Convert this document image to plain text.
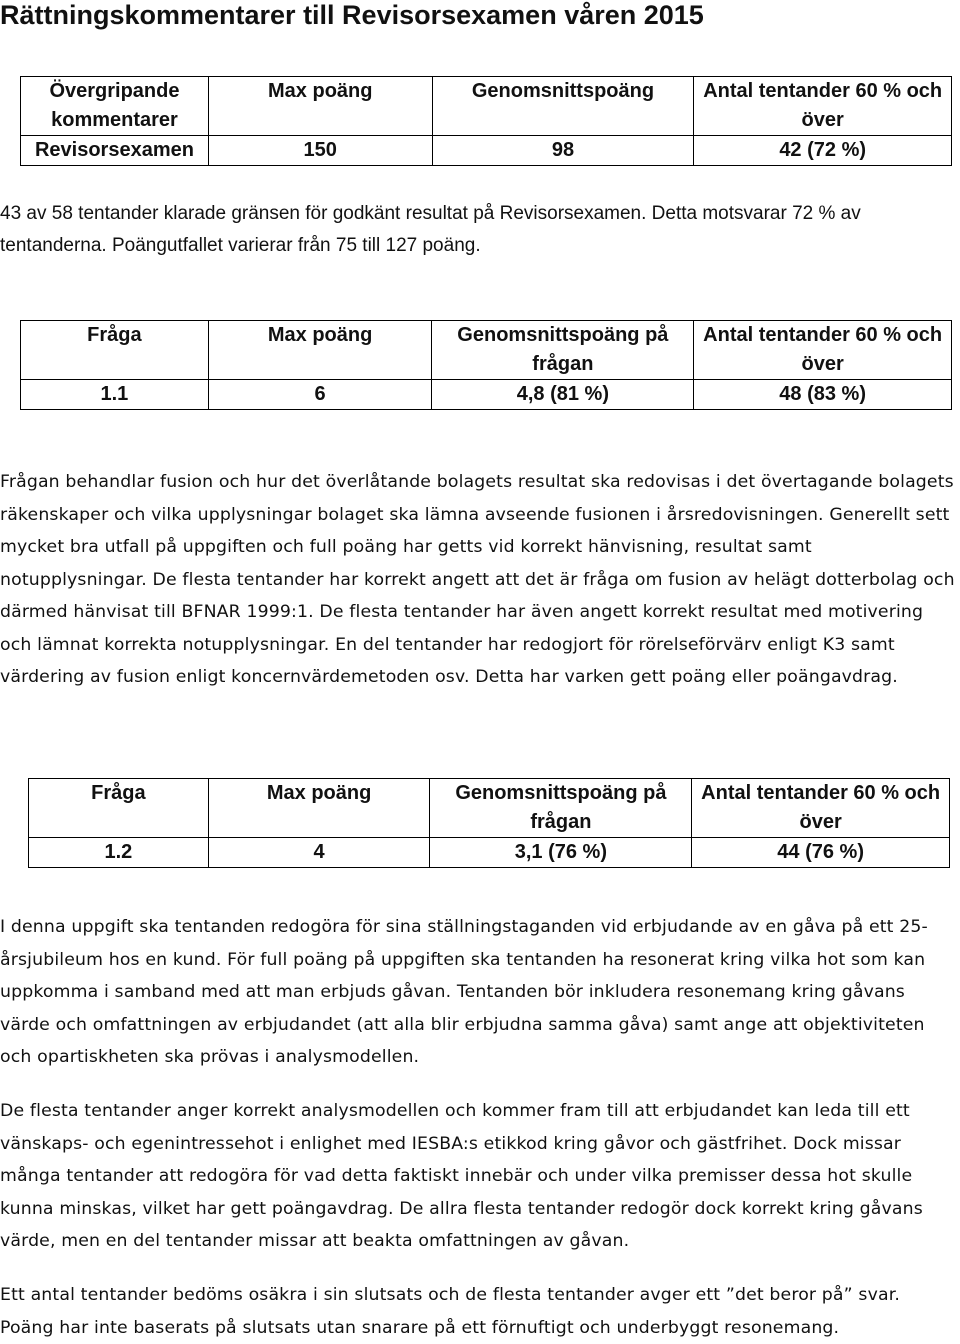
Rättningskommentarer till Revisorsexamen våren 2015
Övergripande kommentarer	Max poäng	Genomsnittspoäng	Antal tentander 60 % och över
Revisorsexamen	150	98	42 (72 %)
43 av 58 tentander klarade gränsen för godkänt resultat på Revisorsexamen. Detta motsvarar 72 % av tentanderna. Poängutfallet varierar från 75 till 127 poäng.
Fråga	Max poäng	Genomsnittspoäng på frågan	Antal tentander 60 % och över
1.1	6	4,8 (81 %)	48 (83 %)
Frågan behandlar fusion och hur det överlåtande bolagets resultat ska redovisas i det övertagande bolagets räkenskaper och vilka upplysningar bolaget ska lämna avseende fusionen i årsredovisningen. Generellt sett mycket bra utfall på uppgiften och full poäng har getts vid korrekt hänvisning, resultat samt notupplysningar. De flesta tentander har korrekt angett att det är fråga om fusion av helägt dotterbolag och därmed hänvisat till BFNAR 1999:1. De flesta tentander har även angett korrekt resultat med motivering och lämnat korrekta notupplysningar. En del tentander har redogjort för rörelseförvärv enligt K3 samt värdering av fusion enligt koncernvärdemetoden osv. Detta har varken gett poäng eller poängavdrag.
Fråga	Max poäng	Genomsnittspoäng på frågan	Antal tentander 60 % och över
1.2	4	3,1 (76 %)	44 (76 %)
I denna uppgift ska tentanden redogöra för sina ställningstaganden vid erbjudande av en gåva på ett 25-årsjubileum hos en kund. För full poäng på uppgiften ska tentanden ha resonerat kring vilka hot som kan uppkomma i samband med att man erbjuds gåvan. Tentanden bör inkludera resonemang kring gåvans värde och omfattningen av erbjudandet (att alla blir erbjudna samma gåva) samt ange att objektiviteten och opartiskheten ska prövas i analysmodellen.
De flesta tentander anger korrekt analysmodellen och kommer fram till att erbjudandet kan leda till ett vänskaps- och egenintressehot i enlighet med IESBA:s etikkod kring gåvor och gästfrihet. Dock missar många tentander att redogöra för vad detta faktiskt innebär och under vilka premisser dessa hot skulle kunna minskas, vilket har gett poängavdrag. De allra flesta tentander redogör dock korrekt kring gåvans värde, men en del tentander missar att beakta omfattningen av gåvan.
Ett antal tentander bedöms osäkra i sin slutsats och de flesta tentander avger ett ”det beror på” svar. Poäng har inte baserats på slutsats utan snarare på ett förnuftigt och underbyggt resonemang.
